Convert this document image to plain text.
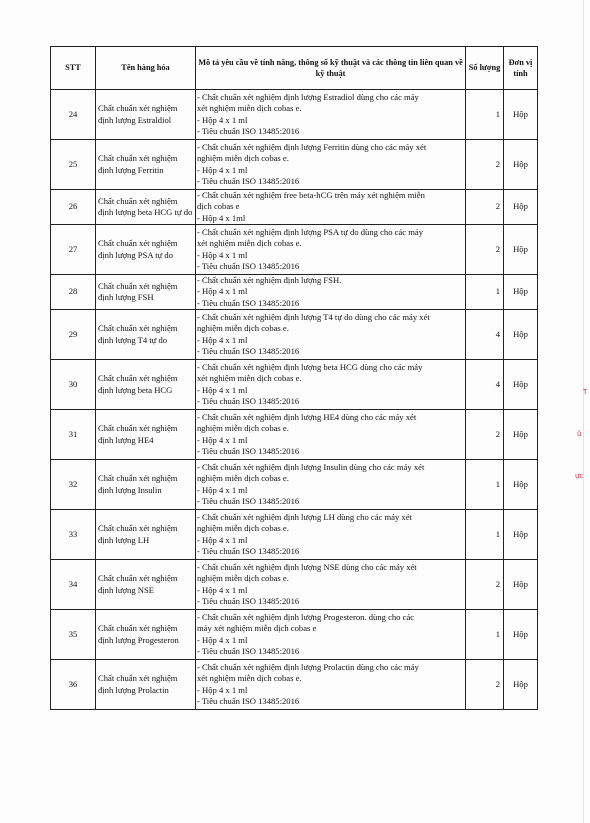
STT	Tên hàng hóa	Mô tả yêu cầu về tính năng, thông số kỹ thuật và các thông tin liên quan về kỹ thuật	Số lượng	Đơn vị tính
24	Chất chuẩn xét nghiệm định lượng Estraldiol	- Chất chuẩn xét nghiệm định lượng Estradiol dùng cho các máy
xét nghiệm miễn dịch cobas e.
- Hộp 4 x 1 ml
- Tiêu chuẩn ISO 13485:2016	1	Hộp
25	Chất chuẩn xét nghiệm định lượng Ferritin	- Chất chuẩn xét nghiệm định lượng Ferritin dùng cho các máy xét
nghiệm miễn dịch cobas e.
- Hộp 4 x 1 ml
- Tiêu chuẩn ISO 13485:2016	2	Hộp
26	Chất chuẩn xét nghiệm định lượng beta HCG tự do	- Chất chuẩn xét nghiệm free beta-hCG trên máy xét nghiệm miễn
dịch cobas e
- Hộp 4 x 1ml	2	Hộp
27	Chất chuẩn xét nghiệm định lượng PSA tự do	- Chất chuẩn xét nghiệm định lượng PSA tự do dùng cho các máy
xét nghiệm miễn dịch cobas e.
- Hộp 4 x 1 ml
- Tiêu chuẩn ISO 13485:2016	2	Hộp
28	Chất chuẩn xét nghiệm định lượng FSH	- Chất chuẩn xét nghiệm định lượng FSH.
- Hộp 4 x 1 ml
- Tiêu chuẩn ISO 13485:2016	1	Hộp
29	Chất chuẩn xét nghiệm định lượng T4 tự do	- Chất chuẩn xét nghiệm định lượng T4 tự do dùng cho các máy xét
nghiệm miễn dịch cobas e.
- Hộp 4 x 1 ml
- Tiêu chuẩn ISO 13485:2016	4	Hộp
30	Chất chuẩn xét nghiệm định lượng beta HCG	- Chất chuẩn xét nghiệm định lượng beta HCG dùng cho các máy
xét nghiệm miễn dịch cobas e.
- Hộp 4 x 1 ml
- Tiêu chuẩn ISO 13485:2016	4	Hộp
31	Chất chuẩn xét nghiệm định lượng HE4	- Chất chuẩn xét nghiệm định lượng HE4 dùng cho các máy xét
nghiệm miễn dịch cobas e.
- Hộp 4 x 1 ml
- Tiêu chuẩn ISO 13485:2016	2	Hộp
32	Chất chuẩn xét nghiệm định lượng Insulin	- Chất chuẩn xét nghiệm định lượng Insulin dùng cho các máy xét
nghiệm miễn dịch cobas e.
- Hộp 4 x 1 ml
- Tiêu chuẩn ISO 13485:2016	1	Hộp
33	Chất chuẩn xét nghiệm định lượng LH	- Chất chuẩn xét nghiệm định lượng LH dùng cho các máy xét
nghiệm miễn dịch cobas e.
- Hộp 4 x 1 ml
- Tiêu chuẩn ISO 13485:2016	1	Hộp
34	Chất chuẩn xét nghiệm định lượng NSE	- Chất chuẩn xét nghiệm định lượng NSE dùng cho các máy xét
nghiệm miễn dịch cobas e.
- Hộp 4 x 1 ml
- Tiêu chuẩn ISO 13485:2016	2	Hộp
35	Chất chuẩn xét nghiệm định lượng Progesteron	- Chất chuẩn xét nghiệm định lượng Progesteron. dùng cho các
máy xét nghiệm miễn dịch cobas e
- Hộp 4 x 1 ml
- Tiêu chuẩn ISO 13485:2016	1	Hộp
36	Chất chuẩn xét nghiệm định lượng Prolactin	- Chất chuẩn xét nghiệm định lượng Prolactin dùng cho các máy
xét nghiệm miễn dịch cobas e.
- Hộp 4 x 1 ml
- Tiêu chuẩn ISO 13485:2016	2	Hộp
T
ũ
ực
